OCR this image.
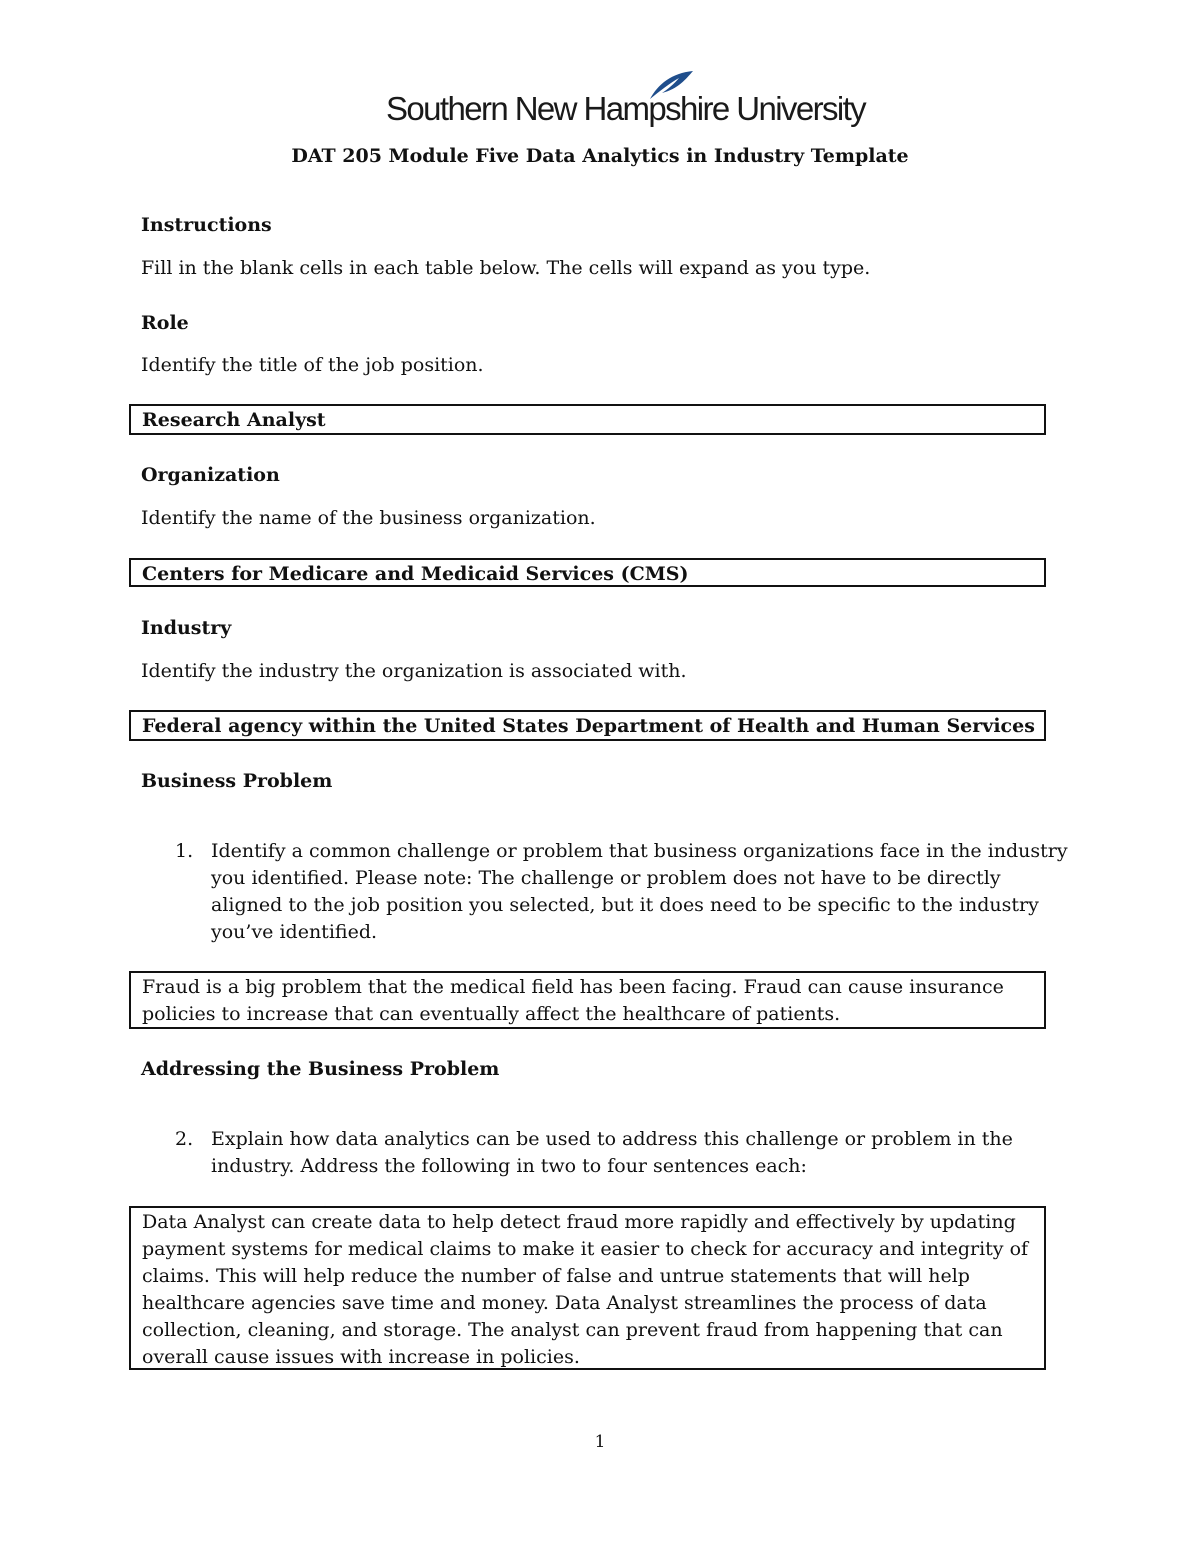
Southern New Hampshire University
DAT 205 Module Five Data Analytics in Industry Template
Instructions
Fill in the blank cells in each table below. The cells will expand as you type.
Role
Identify the title of the job position.
Research Analyst
Organization
Identify the name of the business organization.
Centers for Medicare and Medicaid Services (CMS)
Industry
Identify the industry the organization is associated with.
Federal agency within the United States Department of Health and Human Services
Business Problem
1. Identify a common challenge or problem that business organizations face in the industry you identified. Please note: The challenge or problem does not have to be directly aligned to the job position you selected, but it does need to be specific to the industry you’ve identified.
Fraud is a big problem that the medical field has been facing. Fraud can cause insurance policies to increase that can eventually affect the healthcare of patients.
Addressing the Business Problem
2. Explain how data analytics can be used to address this challenge or problem in the industry. Address the following in two to four sentences each:
Data Analyst can create data to help detect fraud more rapidly and effectively by updating payment systems for medical claims to make it easier to check for accuracy and integrity of claims. This will help reduce the number of false and untrue statements that will help healthcare agencies save time and money. Data Analyst streamlines the process of data collection, cleaning, and storage. The analyst can prevent fraud from happening that can overall cause issues with increase in policies.
1
